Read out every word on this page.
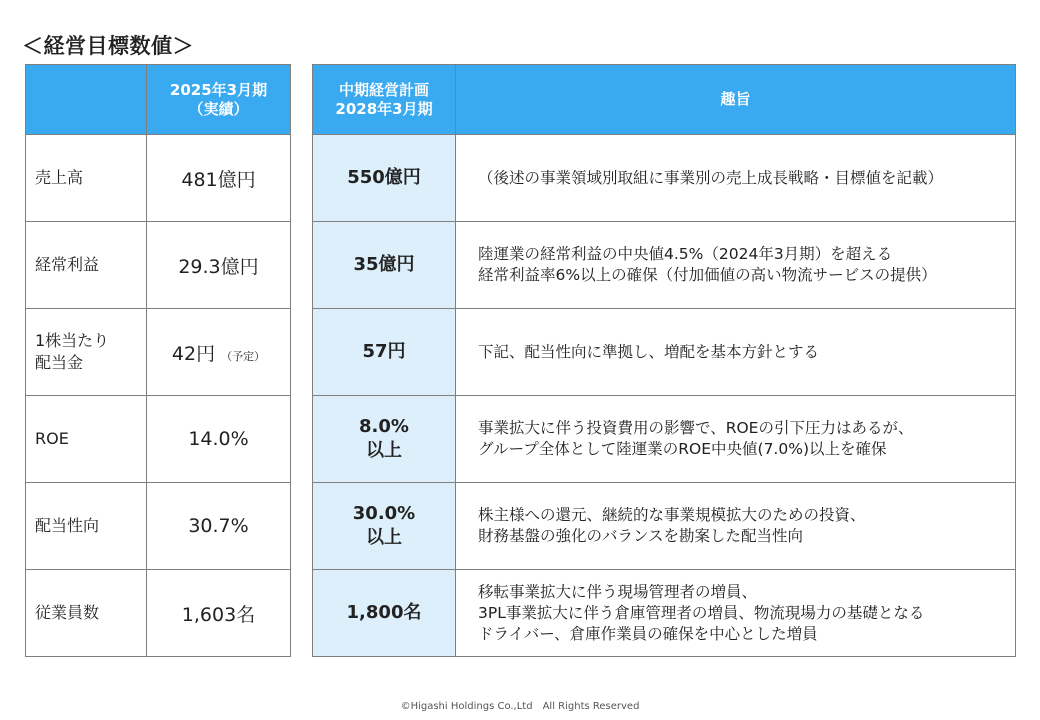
＜経営目標数値＞

	2025年3月期
（実績）

売上高	481億円

経常利益	29.3億円

1株当たり
配当金	42円 （予定）

ROE	14.0%

配当性向	30.7%

従業員数	1,603名
中期経営計画
2028年3月期	趣旨

550億円	（後述の事業領域別取組に事業別の売上成長戦略・目標値を記載）

35億円	陸運業の経常利益の中央値4.5%（2024年3月期）を超える
経常利益率6%以上の確保（付加価値の高い物流サービスの提供）

57円	下記、配当性向に準拠し、増配を基本方針とする

8.0%
以上	事業拡大に伴う投資費用の影響で、ROEの引下圧力はあるが、
グループ全体として陸運業のROE中央値(7.0%)以上を確保

30.0%
以上	株主様への還元、継続的な事業規模拡大のための投資、
財務基盤の強化のバランスを勘案した配当性向

1,800名	移転事業拡大に伴う現場管理者の増員、
3PL事業拡大に伴う倉庫管理者の増員、物流現場力の基礎となる
ドライバー、倉庫作業員の確保を中心とした増員
©Higashi Holdings Co.,Ltd　All Rights Reserved
